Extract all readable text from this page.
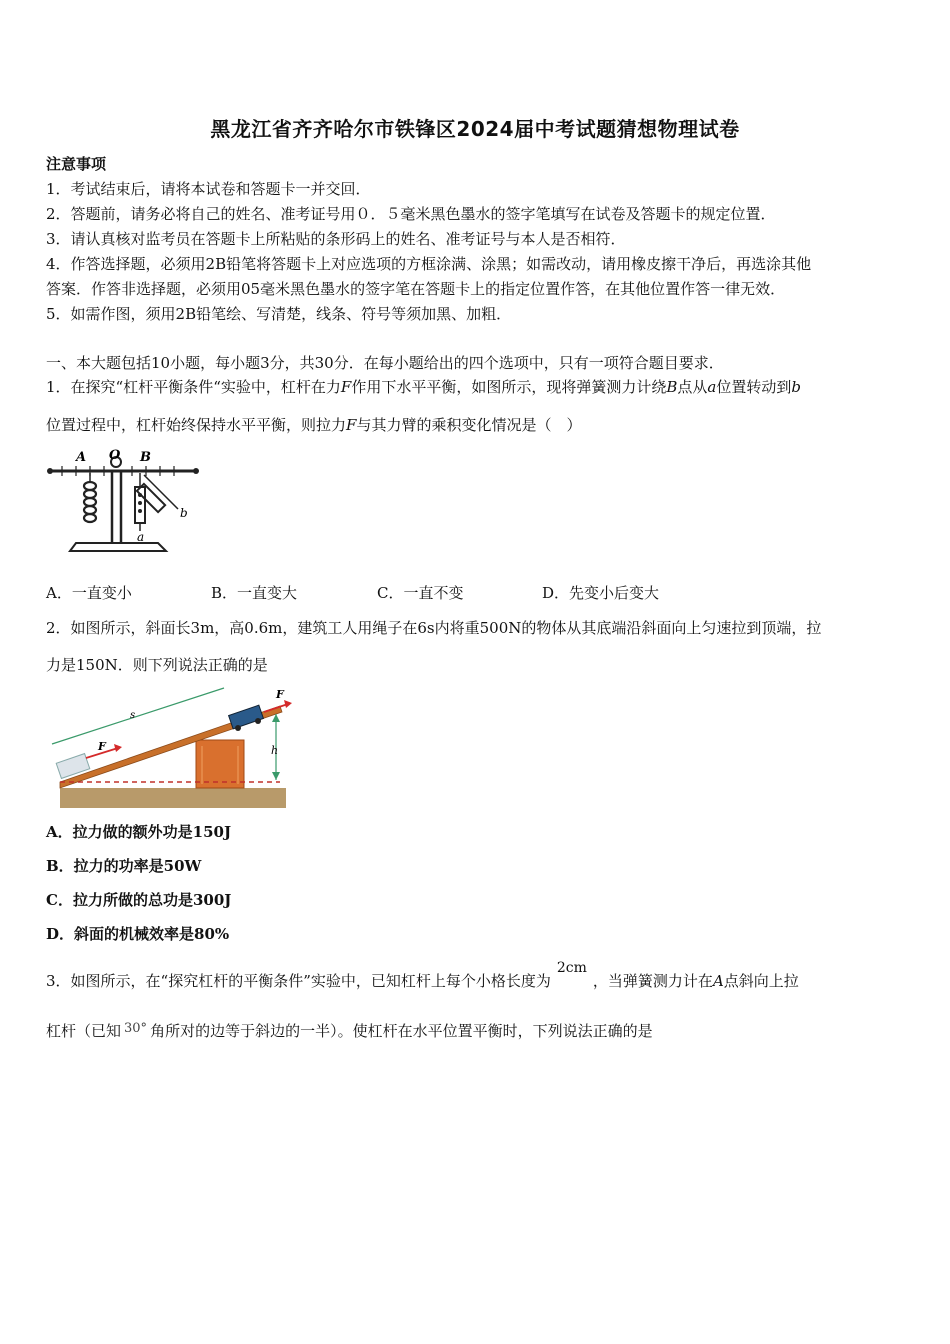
黑龙江省齐齐哈尔市铁锋区2024届中考试题猜想物理试卷
注意事项
1．考试结束后，请将本试卷和答题卡一并交回．
2．答题前，请务必将自己的姓名、准考证号用０．５毫米黑色墨水的签字笔填写在试卷及答题卡的规定位置．
3．请认真核对监考员在答题卡上所粘贴的条形码上的姓名、准考证号与本人是否相符．
4．作答选择题，必须用2B铅笔将答题卡上对应选项的方框涂满、涂黑；如需改动，请用橡皮擦干净后，再选涂其他
答案．作答非选择题，必须用05毫米黑色墨水的签字笔在答题卡上的指定位置作答，在其他位置作答一律无效．
5．如需作图，须用2B铅笔绘、写清楚，线条、符号等须加黑、加粗．
一、本大题包括10小题，每小题3分，共30分．在每小题给出的四个选项中，只有一项符合题目要求．
1．在探究“杠杆平衡条件“实验中，杠杆在力F作用下水平平衡，如图所示，现将弹簧测力计绕B点从a位置转动到b
位置过程中，杠杆始终保持水平平衡，则拉力F与其力臂的乘积变化情况是（　）
A O B
a
b
A．一直变小	B．一直变大	C．一直不变	D．先变小后变大
2．如图所示，斜面长3m，高0.6m，建筑工人用绳子在6s内将重500N的物体从其底端沿斜面向上匀速拉到顶端，拉
力是150N．则下列说法正确的是
h
s
F
F
A．拉力做的额外功是150J
B．拉力的功率是50W
C．拉力所做的总功是300J
D．斜面的机械效率是80%
3．如图所示，在“探究杠杆的平衡条件”实验中，已知杠杆上每个小格长度为2cm，当弹簧测力计在A点斜向上拉
杠杆（已知 30° 角所对的边等于斜边的一半）。使杠杆在水平位置平衡时，下列说法正确的是
